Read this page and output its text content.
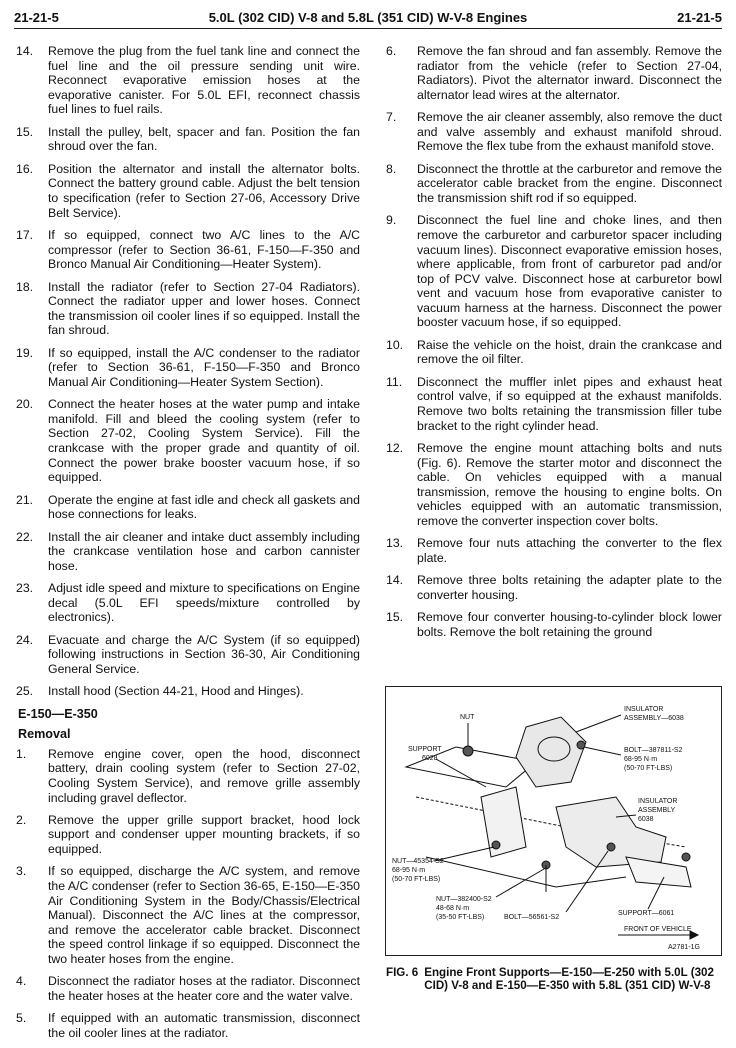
21-21-5	5.0L (302 CID) V-8 and 5.8L (351 CID) W-V-8 Engines	21-21-5
14.	Remove the plug from the fuel tank line and connect the fuel line and the oil pressure sending unit wire. Reconnect evaporative emission hoses at the evaporative canister. For 5.0L EFI, reconnect chassis fuel lines to fuel rails.
15.	Install the pulley, belt, spacer and fan. Position the fan shroud over the fan.
16.	Position the alternator and install the alternator bolts. Connect the battery ground cable. Adjust the belt tension to specification (refer to Section 27-06, Accessory Drive Belt Service).
17.	If so equipped, connect two A/C lines to the A/C compressor (refer to Section 36-61, F-150—F-350 and Bronco Manual Air Conditioning—Heater System).
18.	Install the radiator (refer to Section 27-04 Radiators). Connect the radiator upper and lower hoses. Connect the transmission oil cooler lines if so equipped. Install the fan shroud.
19.	If so equipped, install the A/C condenser to the radiator (refer to Section 36-61, F-150—F-350 and Bronco Manual Air Conditioning—Heater System Section).
20.	Connect the heater hoses at the water pump and intake manifold. Fill and bleed the cooling system (refer to Section 27-02, Cooling System Service). Fill the crankcase with the proper grade and quantity of oil. Connect the power brake booster vacuum hose, if so equipped.
21.	Operate the engine at fast idle and check all gaskets and hose connections for leaks.
22.	Install the air cleaner and intake duct assembly including the crankcase ventilation hose and carbon cannister hose.
23.	Adjust idle speed and mixture to specifications on Engine decal (5.0L EFI speeds/mixture controlled by electronics).
24.	Evacuate and charge the A/C System (if so equipped) following instructions in Section 36-30, Air Conditioning General Service.
25.	Install hood (Section 44-21, Hood and Hinges).
E-150—E-350
Removal
1.	Remove engine cover, open the hood, disconnect battery, drain cooling system (refer to Section 27-02, Cooling System Service), and remove grille assembly including gravel deflector.
2.	Remove the upper grille support bracket, hood lock support and condenser upper mounting brackets, if so equipped.
3.	If so equipped, discharge the A/C system, and remove the A/C condenser (refer to Section 36-65, E-150—E-350 Air Conditioning System in the Body/Chassis/Electrical Manual). Disconnect the A/C lines at the compressor, and remove the accelerator cable bracket. Disconnect the speed control linkage if so equipped. Disconnect the two heater hoses from the engine.
4.	Disconnect the radiator hoses at the radiator. Disconnect the heater hoses at the heater core and the water valve.
5.	If equipped with an automatic transmission, disconnect the oil cooler lines at the radiator.
6.	Remove the fan shroud and fan assembly. Remove the radiator from the vehicle (refer to Section 27-04, Radiators). Pivot the alternator inward. Disconnect the alternator lead wires at the alternator.
7.	Remove the air cleaner assembly, also remove the duct and valve assembly and exhaust manifold shroud. Remove the flex tube from the exhaust manifold stove.
8.	Disconnect the throttle at the carburetor and remove the accelerator cable bracket from the engine. Disconnect the transmission shift rod if so equipped.
9.	Disconnect the fuel line and choke lines, and then remove the carburetor and carburetor spacer including vacuum lines). Disconnect evaporative emission hoses, where applicable, from front of carburetor pad and/or top of PCV valve. Disconnect hose at carburetor bowl vent and vacuum hose from evaporative canister to vacuum harness at the harness. Disconnect the power booster vacuum hose, if so equipped.
10.	Raise the vehicle on the hoist, drain the crankcase and remove the oil filter.
11.	Disconnect the muffler inlet pipes and exhaust heat control valve, if so equipped at the exhaust manifolds. Remove two bolts retaining the transmission filler tube bracket to the right cylinder head.
12.	Remove the engine mount attaching bolts and nuts (Fig. 6). Remove the starter motor and disconnect the cable. On vehicles equipped with a manual transmission, remove the housing to engine bolts. On vehicles equipped with an automatic transmission, remove the converter inspection cover bolts.
13.	Remove four nuts attaching the converter to the flex plate.
14.	Remove three bolts retaining the adapter plate to the converter housing.
15.	Remove four converter housing-to-cylinder block lower bolts. Remove the bolt retaining the ground
NUT
INSULATOR
ASSEMBLY—6038
SUPPORT
6028
BOLT—387811-S2
68-95 N·m
(50-70 FT-LBS)
INSULATOR
ASSEMBLY
6038
NUT—45354-S2
68-95 N·m
(50-70 FT-LBS)
NUT—382400-S2
48-68 N·m
(35-50 FT-LBS)	BOLT—56561-S2
SUPPORT—6061
FRONT OF VEHICLE
A2781-1G
FIG. 6 Engine Front Supports—E-150—E-250 with 5.0L (302 CID) V-8 and E-150—E-350 with 5.8L (351 CID) W-V-8
